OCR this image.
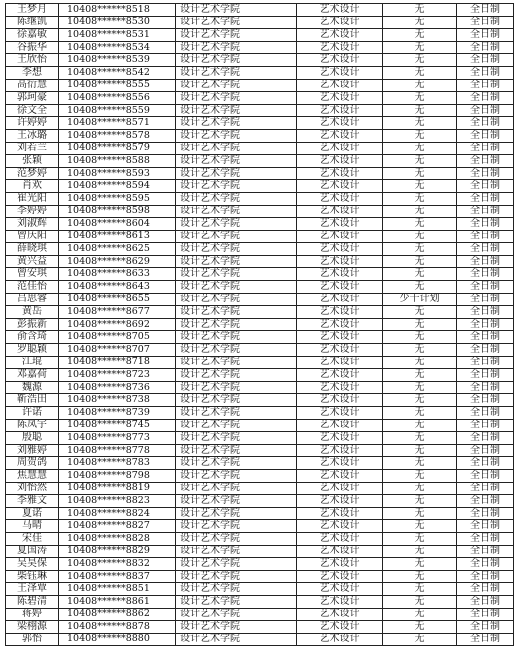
王梦月	10408******8518	设计艺术学院	艺术设计	无	全日制
陈继凯	10408******8530	设计艺术学院	艺术设计	无	全日制
徐嘉敏	10408******8531	设计艺术学院	艺术设计	无	全日制
谷振华	10408******8534	设计艺术学院	艺术设计	无	全日制
王欣怡	10408******8539	设计艺术学院	艺术设计	无	全日制
李想	10408******8542	设计艺术学院	艺术设计	无	全日制
高衍慧	10408******8555	设计艺术学院	艺术设计	无	全日制
郭珂豪	10408******8556	设计艺术学院	艺术设计	无	全日制
徐文全	10408******8559	设计艺术学院	艺术设计	无	全日制
许婷婷	10408******8571	设计艺术学院	艺术设计	无	全日制
王冰璐	10408******8578	设计艺术学院	艺术设计	无	全日制
刘若兰	10408******8579	设计艺术学院	艺术设计	无	全日制
张颖	10408******8588	设计艺术学院	艺术设计	无	全日制
范梦婷	10408******8593	设计艺术学院	艺术设计	无	全日制
肖欢	10408******8594	设计艺术学院	艺术设计	无	全日制
崔光阳	10408******8595	设计艺术学院	艺术设计	无	全日制
李婷婷	10408******8598	设计艺术学院	艺术设计	无	全日制
刘淑辉	10408******8604	设计艺术学院	艺术设计	无	全日制
曾庆阳	10408******8613	设计艺术学院	艺术设计	无	全日制
薛晓琪	10408******8625	设计艺术学院	艺术设计	无	全日制
黄兴益	10408******8629	设计艺术学院	艺术设计	无	全日制
曾安琪	10408******8633	设计艺术学院	艺术设计	无	全日制
范佳怡	10408******8643	设计艺术学院	艺术设计	无	全日制
吕思睿	10408******8655	设计艺术学院	艺术设计	少干计划	全日制
黄岳	10408******8677	设计艺术学院	艺术设计	无	全日制
彭振新	10408******8692	设计艺术学院	艺术设计	无	全日制
俞含琦	10408******8705	设计艺术学院	艺术设计	无	全日制
罗聪颖	10408******8707	设计艺术学院	艺术设计	无	全日制
江琨	10408******8718	设计艺术学院	艺术设计	无	全日制
邓嘉荷	10408******8723	设计艺术学院	艺术设计	无	全日制
魏源	10408******8736	设计艺术学院	艺术设计	无	全日制
靳浩田	10408******8738	设计艺术学院	艺术设计	无	全日制
许诺	10408******8739	设计艺术学院	艺术设计	无	全日制
陈凤宇	10408******8745	设计艺术学院	艺术设计	无	全日制
殷聪	10408******8773	设计艺术学院	艺术设计	无	全日制
刘雅婷	10408******8778	设计艺术学院	艺术设计	无	全日制
周贺鸽	10408******8783	设计艺术学院	艺术设计	无	全日制
焦慧慧	10408******8798	设计艺术学院	艺术设计	无	全日制
刘怡然	10408******8819	设计艺术学院	艺术设计	无	全日制
李雅文	10408******8823	设计艺术学院	艺术设计	无	全日制
夏诺	10408******8824	设计艺术学院	艺术设计	无	全日制
马晴	10408******8827	设计艺术学院	艺术设计	无	全日制
宋佳	10408******8828	设计艺术学院	艺术设计	无	全日制
夏国涛	10408******8829	设计艺术学院	艺术设计	无	全日制
吴昊保	10408******8832	设计艺术学院	艺术设计	无	全日制
柴钰琳	10408******8837	设计艺术学院	艺术设计	无	全日制
王泽覃	10408******8851	设计艺术学院	艺术设计	无	全日制
陈碧清	10408******8861	设计艺术学院	艺术设计	无	全日制
蒋婷	10408******8862	设计艺术学院	艺术设计	无	全日制
梁栩源	10408******8878	设计艺术学院	艺术设计	无	全日制
郭怡	10408******8880	设计艺术学院	艺术设计	无	全日制
